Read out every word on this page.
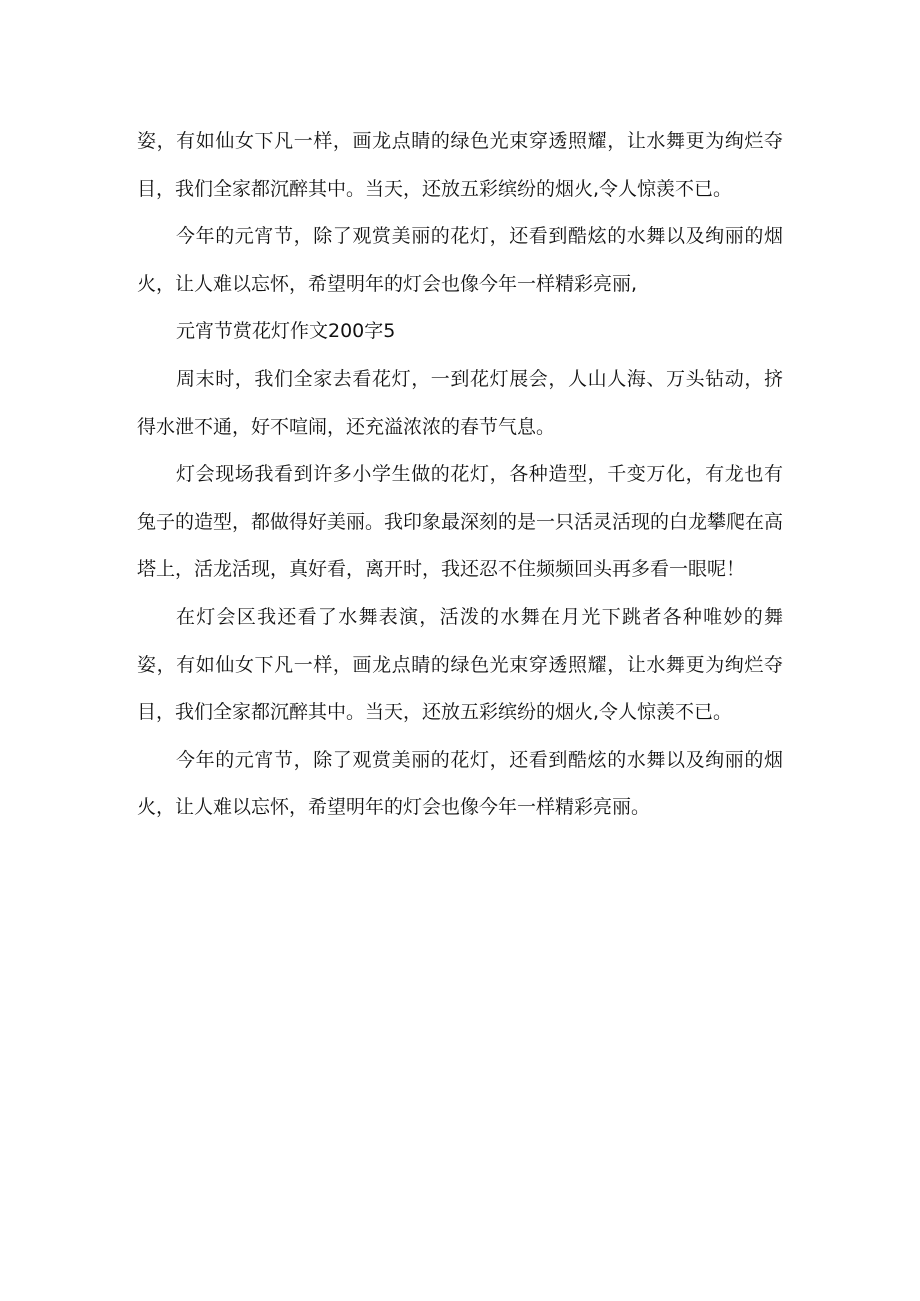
姿，有如仙女下凡一样，画龙点睛的绿色光束穿透照耀，让水舞更为绚烂夺目，我们全家都沉醉其中。当天，还放五彩缤纷的烟火,令人惊羡不已。

今年的元宵节，除了观赏美丽的花灯，还看到酷炫的水舞以及绚丽的烟火，让人难以忘怀，希望明年的灯会也像今年一样精彩亮丽,

元宵节赏花灯作文200字5

周末时，我们全家去看花灯，一到花灯展会，人山人海、万头钻动，挤得水泄不通，好不喧闹，还充溢浓浓的春节气息。

灯会现场我看到许多小学生做的花灯，各种造型，千变万化，有龙也有兔子的造型，都做得好美丽。我印象最深刻的是一只活灵活现的白龙攀爬在高塔上，活龙活现，真好看，离开时，我还忍不住频频回头再多看一眼呢！

在灯会区我还看了水舞表演，活泼的水舞在月光下跳者各种唯妙的舞姿，有如仙女下凡一样，画龙点睛的绿色光束穿透照耀，让水舞更为绚烂夺目，我们全家都沉醉其中。当天，还放五彩缤纷的烟火,令人惊羡不已。

今年的元宵节，除了观赏美丽的花灯，还看到酷炫的水舞以及绚丽的烟火，让人难以忘怀，希望明年的灯会也像今年一样精彩亮丽。
